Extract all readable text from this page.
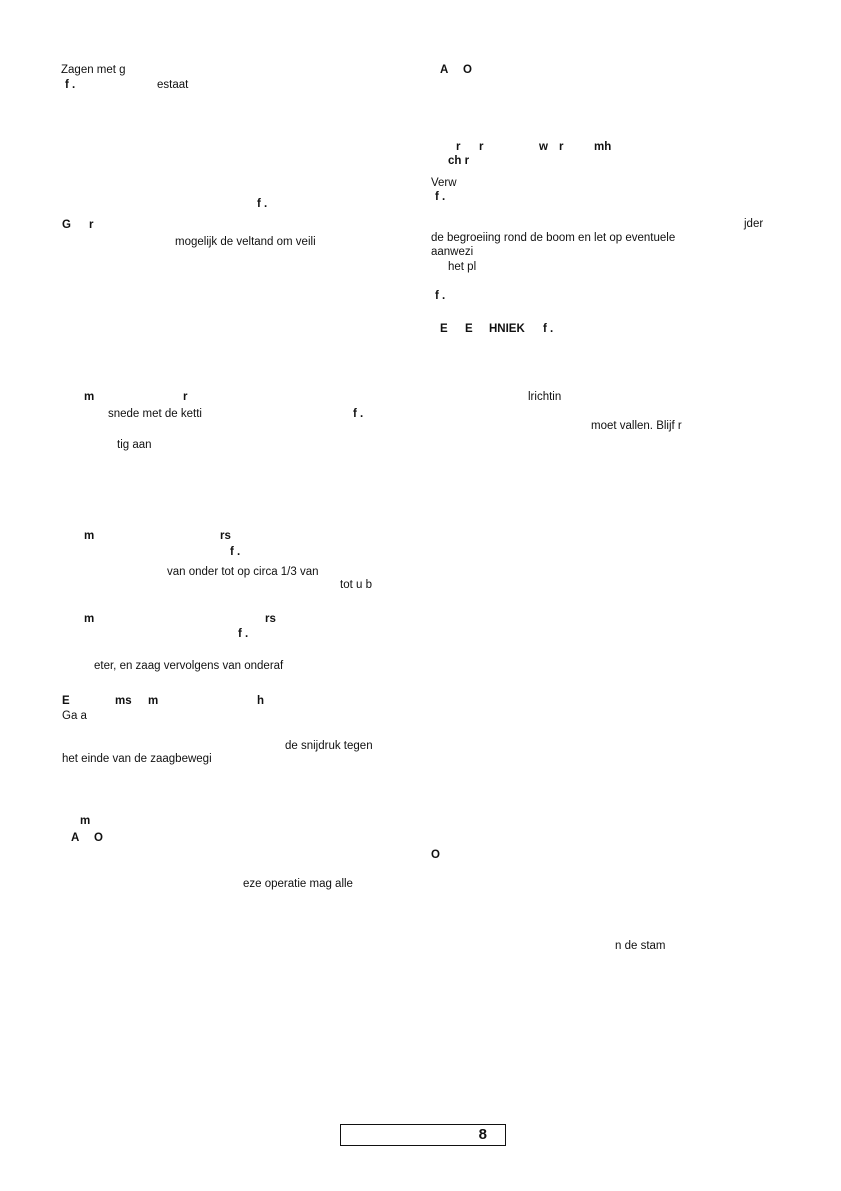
Zagen met g
f .	estaat
f .
G r
mogelijk de veltand om veili
m	r
snede met de ketti	f .
tig aan
m	rs
f .
van onder tot op circa 1/3 van
tot u b
m	rs
f .
eter, en zaag vervolgens van onderaf
E	ms m	h
Ga a
de snijdruk tegen
het einde van de zaagbewegi
m
A O
eze operatie mag alle
A O
r r	w r	mh
ch r
Verw
f .
jder
de begroeiing rond de boom en let op eventuele
aanwezi
het pl
f .
E E HNIEK f .
lrichtin
moet vallen. Blijf r
O
n de stam
8
